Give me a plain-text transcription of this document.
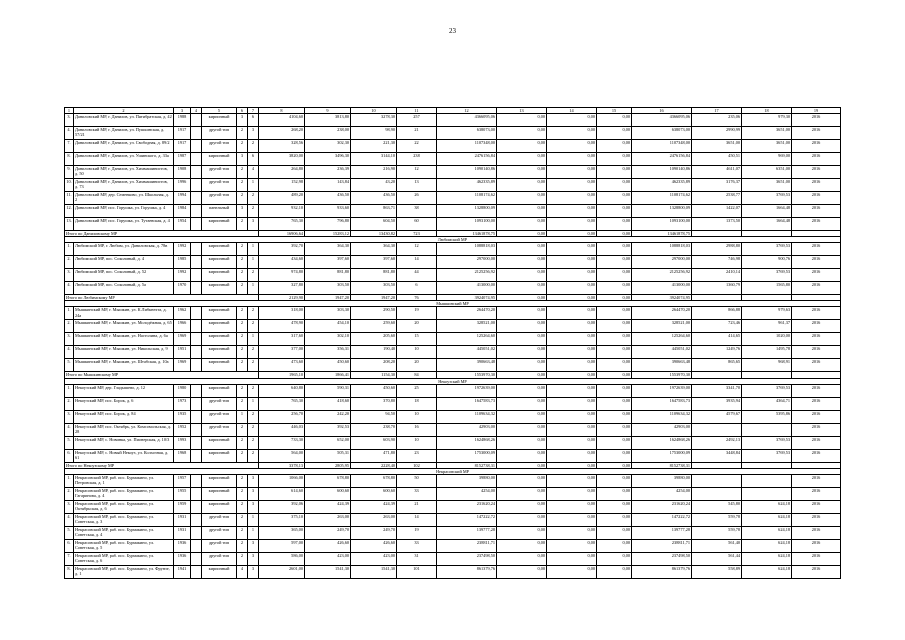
23
1	2	3	4	5	6	7	8	9	10	11	12	13	14	15	16	17	18	19
3.	Даниловский МР, г. Данилов, ул. Пятибратская, д. 42	1988		кирпичный	3	6	4104,60	3813,80	3278,30	257	4366095,06	0,00	0,00	0,00	4366095,06	235,06	979,30	2016
4.	Даниловский МР, г. Данилов, ул. Пушкинская, д. 57/21	1917		другой тип	2	3	268,20	238,00	98,90	21	638073,00	0,00	0,00	0,00	638073,00	2990,99	3651,00	2016
7.	Даниловский МР, г. Данилов, ул. Свободная, д. 89/2	1917		другой тип	2	2	328,56	302,30	221,30	22	1107348,00	0,00	0,00	0,00	1107348,00	3651,00	3651,00	2016
8.	Даниловский МР, г. Данилов, ул. Ушинского, д. 33а	1987		кирпичный	3	6	3820,00	3496,30	3144,10	238	2476156,84	0,00	0,00	0,00	2476156,84	450,51	969,00	2016
9.	Даниловский МР, г. Данилов, ул. Химмашинистов, д. 50	1908		другой тип	2	4	264,80	236,39	216,90	12	1090140,86	0,00	0,00	0,00	1090140,86	4611,07	6351,00	2016
10.	Даниловский МР, г. Данилов, ул. Химмашинистов, д. 73	1996		другой тип	2	1	152,98	143,84	43,20	13	462335,89	0,00	0,00	0,00	462335,89	3176,37	3651,00	2016
11.	Даниловский МР, дер. Семенково, ул. Школьная, д. 2	1994		другой тип	2	2	489,20	436,50	436,50	26	1108174,62	0,00	0,00	0,00	1108174,62	2538,77	3769,53	2016
12.	Даниловский МР, пос. Горушка, ул. Горушка, д. 4	1984		панельный	3	2	932,10	933,60	863,71	38	1328800,09	0,00	0,00	0,00	1328800,09	1422,07	1664,48	2016
13.	Даниловский МР, пос. Горушка, ул. Тутаевская, д. 4	1954		кирпичный	2	3	765,30	796,80	604,50	60	1093100,00	0,00	0,00	0,00	1093100,00	1373,50	1664,48	2016
Итого по Даниловскому МР							16906,64	15283,12	13430,82	723	13461878,75	0,00	0,00	0,00	13461878,75			
Любимский МР																		
1.	Любимский МР, г. Любим, ул. Даниловская, д. 78в	1992		кирпичный	2	1	392,70	364,30	364,30	12	1088818,03	0,00	0,00	0,00	1088818,03	2988,80	3769,53	2016
2.	Любимский МР, пос. Соколиный, д. 4	1985		кирпичный	2	1	434,60	397,60	397,60	14	297000,00	0,00	0,00	0,00	297000,00	746,98	900,76	2016
3.	Любимский МР, пос. Соколиный, д. 52	1992		кирпичный	2	2	974,80	881,80	881,80	44	2125256,92	0,00	0,00	0,00	2125256,92	2410,14	3769,53	2016
4.	Любимский МР, пос. Соколиный, д. 5а	1970		кирпичный	2	1	327,80	303,50	303,50	6	413000,00	0,00	0,00	0,00	413000,00	1360,79	1565,80	2016
Итого по Любимскому МР							2129,90	1947,20	1947,20	76	3924074,95	0,00	0,00	0,00	3924074,95			
Мышкинский МР																		
1.	Мышкинский МР, г. Мышкин, ул. К.Либкнехта, д. 24а	1962		кирпичный	2	2	318,00	303,30	290,50	19	264470,20	0,00	0,00	0,00	264470,20	866,88	979,63	2016
2.	Мышкинский МР, г. Мышкин, ул. Молодёжная, д. 65	1966		кирпичный	2	2	478,90	454,10	259,60	20	328521,00	0,00	0,00	0,00	328521,00	723,46	961,37	2016
3.	Мышкинский МР, г. Мышкин, ул. Настолина, д. 6а	1969		кирпичный	2	1	317,60	302,10	205,60	15	125264,60	0,00	0,00	0,00	125264,60	414,65	1020,00	2016
4.	Мышкинский МР, г. Мышкин, ул. Никольская, д. 9	1951		кирпичный	2	2	377,00	356,31	190,40	10	445051,02	0,00	0,00	0,00	445051,02	1249,76	1495,78	2016
5.	Мышкинский МР, г. Мышкин, ул. Штабская, д. 10а	1969		кирпичный	2	2	473,60	450,60	208,20	20	390663,48	0,00	0,00	0,00	390663,48	865,65	968,91	2016
Итого по Мышкинскому МР							1965,10	1866,41	1154,30	84	1553970,30	0,00	0,00	0,00	1553970,30			
Некоузский МР																		
1.	Некоузский МР, дер. Гладышево, д. 12	1980		кирпичный	2	2	640,80	590,31	450,60	25	1972639,00	0,00	0,00	0,00	1972639,00	3341,70	3769,53	2016
2.	Некоузский МР, пос. Борок, д. 6	1973		другой тип	2	1	765,30	418,60	370,80	18	1647583,73	0,00	0,00	0,00	1647583,73	3935,94	4364,71	2016
3.	Некоузский МР, пос. Борок, д. 84	1935		другой тип	1	2	256,70	242,20	94,50	10	1109634,32	0,00	0,00	0,00	1109634,32	4579,67	5395,86	2016
4.	Некоузский МР, пос. Октябрь, ул. Комсомольская, д. 28	1952		другой тип	2	2	446,03	392,53	238,70	16	42903,00	0,00	0,00	0,00	42903,00			2016
5.	Некоузский МР, с. Новинка, ул. Пионерская, д. 10/3	1993		кирпичный	2	2	733,30	652,00	603,90	10	1624868,26	0,00	0,00	0,00	1624868,26	2492,13	3769,53	2016
6.	Некоузский МР, с. Новый Некоуз, ул. Колхозная, д. 61	1968		кирпичный	2	2	564,00	505,31	471,80	23	1753000,09	0,00	0,00	0,00	1753000,09	3448,84	3769,53	2016
Итого по Некоузскому МР							3378,13	2805,95	2228,40	102	8152738,31	0,00	0,00	0,00	8152738,31			
Некрасовский МР																		
1.	Некрасовский МР, раб. пос. Бурмакино, ул. Петровская, д. 1	1957		кирпичный	2	3	1066,00	678,80	678,80	50	39880,00	0,00	0,00	0,00	39880,00			2016
2.	Некрасовский МР, раб. пос. Бурмакино, ул. Гагаринова, д. 4	1955		кирпичный	2	3	614,60	600,60	600,60	33	4254,00	0,00	0,00	0,00	4254,00			2016
3.	Некрасовский МР, раб. пос. Бурмакино, ул. Октябрьская, д. 6	1959		кирпичный	2	3	392,06	424,39	424,39	21	231620,24	0,00	0,00	0,00	231620,24	545,80	624,18	2016
4.	Некрасовский МР, раб. пос. Бурмакино, ул. Советская, д. 3	1931		другой тип	2	1	375,10	263,00	263,00	14	147222,72	0,00	0,00	0,00	147222,72	559,78	624,18	2016
5.	Некрасовский МР, раб. пос. Бурмакино, ул. Советская, д. 4	1931		другой тип	2	1	365,00	249,70	249,70	19	139777,28	0,00	0,00	0,00	139777,28	559,78	624,18	2016
6.	Некрасовский МР, раб. пос. Бурмакино, ул. Советская, д. 5	1936		другой тип	2	3	597,00	426,60	426,60	33	238811,71	0,00	0,00	0,00	238811,71	561,40	624,18	2016
7.	Некрасовский МР, раб. пос. Бурмакино, ул. Советская, д. 6	1936		другой тип	2	3	586,00	423,00	423,00	31	237498,50	0,00	0,00	0,00	237498,50	561,44	624,18	2016
8.	Некрасовский МР, раб. пос. Бурмакино, ул. Фрунзе, д. 1	1941		кирпичный	4	3	2601,00	1541,30	1541,30	101	861379,76	0,00	0,00	0,00	861379,76	558,89	624,18	2016
